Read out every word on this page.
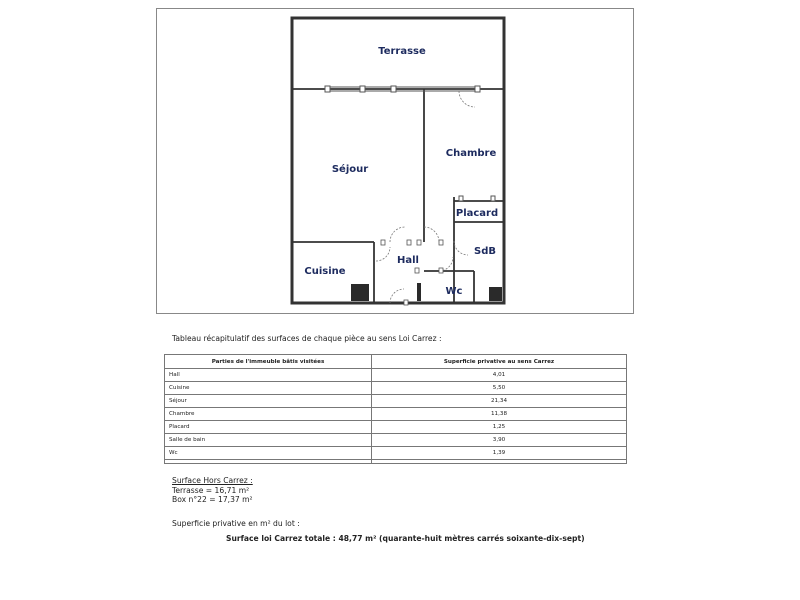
Terrasse
Séjour
Chambre
Placard
Cuisine
Hall
SdB
Wc
Tableau récapitulatif des surfaces de chaque pièce au sens Loi Carrez :
Parties de l'immeuble bâtis visitées	Superficie privative au sens Carrez
Hall	4,01
Cuisine	5,50
Séjour	21,34
Chambre	11,38
Placard	1,25
Salle de bain	3,90
Wc	1,39

Surface Hors Carrez :
Terrasse = 16,71 m²
Box n°22 = 17,37 m²
Superficie privative en m² du lot :
Surface loi Carrez totale : 48,77 m² (quarante-huit mètres carrés soixante-dix-sept)
